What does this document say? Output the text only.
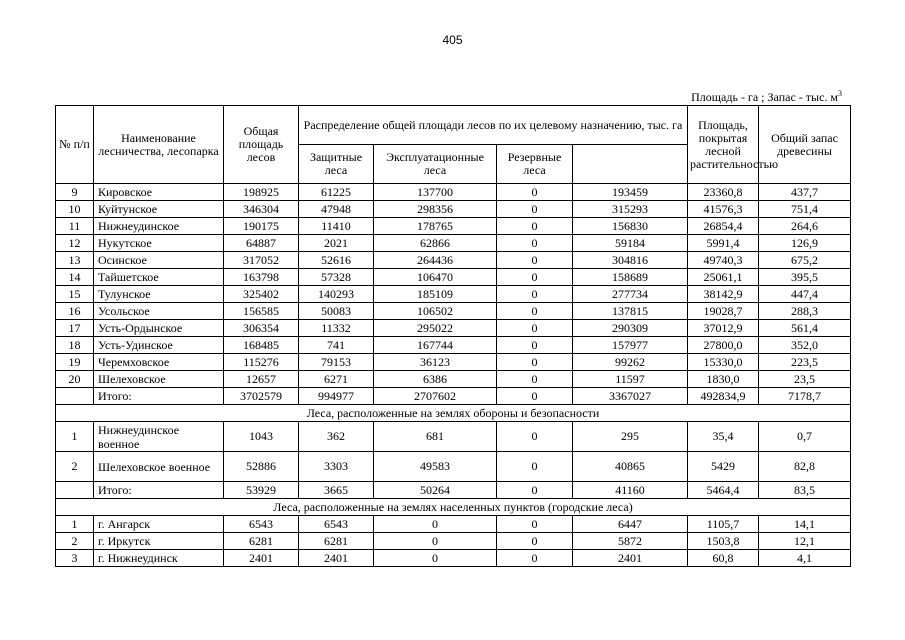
405
Площадь - га ; Запас - тыс. $м^3$
№ п/п	Наименование лесничества, лесопарка	Общая площадь лесов	Распределение общей площади лесов по их целевому назначению, тыс. га				Площадь, покрытая лесной растительностью	Общий запас древесины	
			Защитные леса	Эксплуатационные леса	Резервные леса				
9	Кировское	198925	61225	137700	0	193459	23360,8	437,7	
10	Куйтунское	346304	47948	298356	0	315293	41576,3	751,4	
11	Нижнеудинское	190175	11410	178765	0	156830	26854,4	264,6	
12	Нукутское	64887	2021	62866	0	59184	5991,4	126,9	
13	Осинское	317052	52616	264436	0	304816	49740,3	675,2	
14	Тайшетское	163798	57328	106470	0	158689	25061,1	395,5	
15	Тулунское	325402	140293	185109	0	277734	38142,9	447,4	
16	Усольское	156585	50083	106502	0	137815	19028,7	288,3	
17	Усть-Ордынское	306354	11332	295022	0	290309	37012,9	561,4	
18	Усть-Удинское	168485	741	167744	0	157977	27800,0	352,0	
19	Черемховское	115276	79153	36123	0	99262	15330,0	223,5	
20	Шелеховское	12657	6271	6386	0	11597	1830,0	23,5	
	Итого:	3702579	994977	2707602	0	3367027	492834,9	7178,7	
Леса, расположенные на землях обороны и безопасности									
1	Нижнеудинское военное	1043	362	681	0	295	35,4	0,7	
2	Шелеховское военное	52886	3303	49583	0	40865	5429	82,8	
	Итого:	53929	3665	50264	0	41160	5464,4	83,5	
Леса, расположенные на землях населенных пунктов (городские леса)									
1	г. Ангарск	6543	6543	0	0	6447	1105,7	14,1	
2	г. Иркутск	6281	6281	0	0	5872	1503,8	12,1	
3	г. Нижнеудинск	2401	2401	0	0	2401	60,8	4,1	
